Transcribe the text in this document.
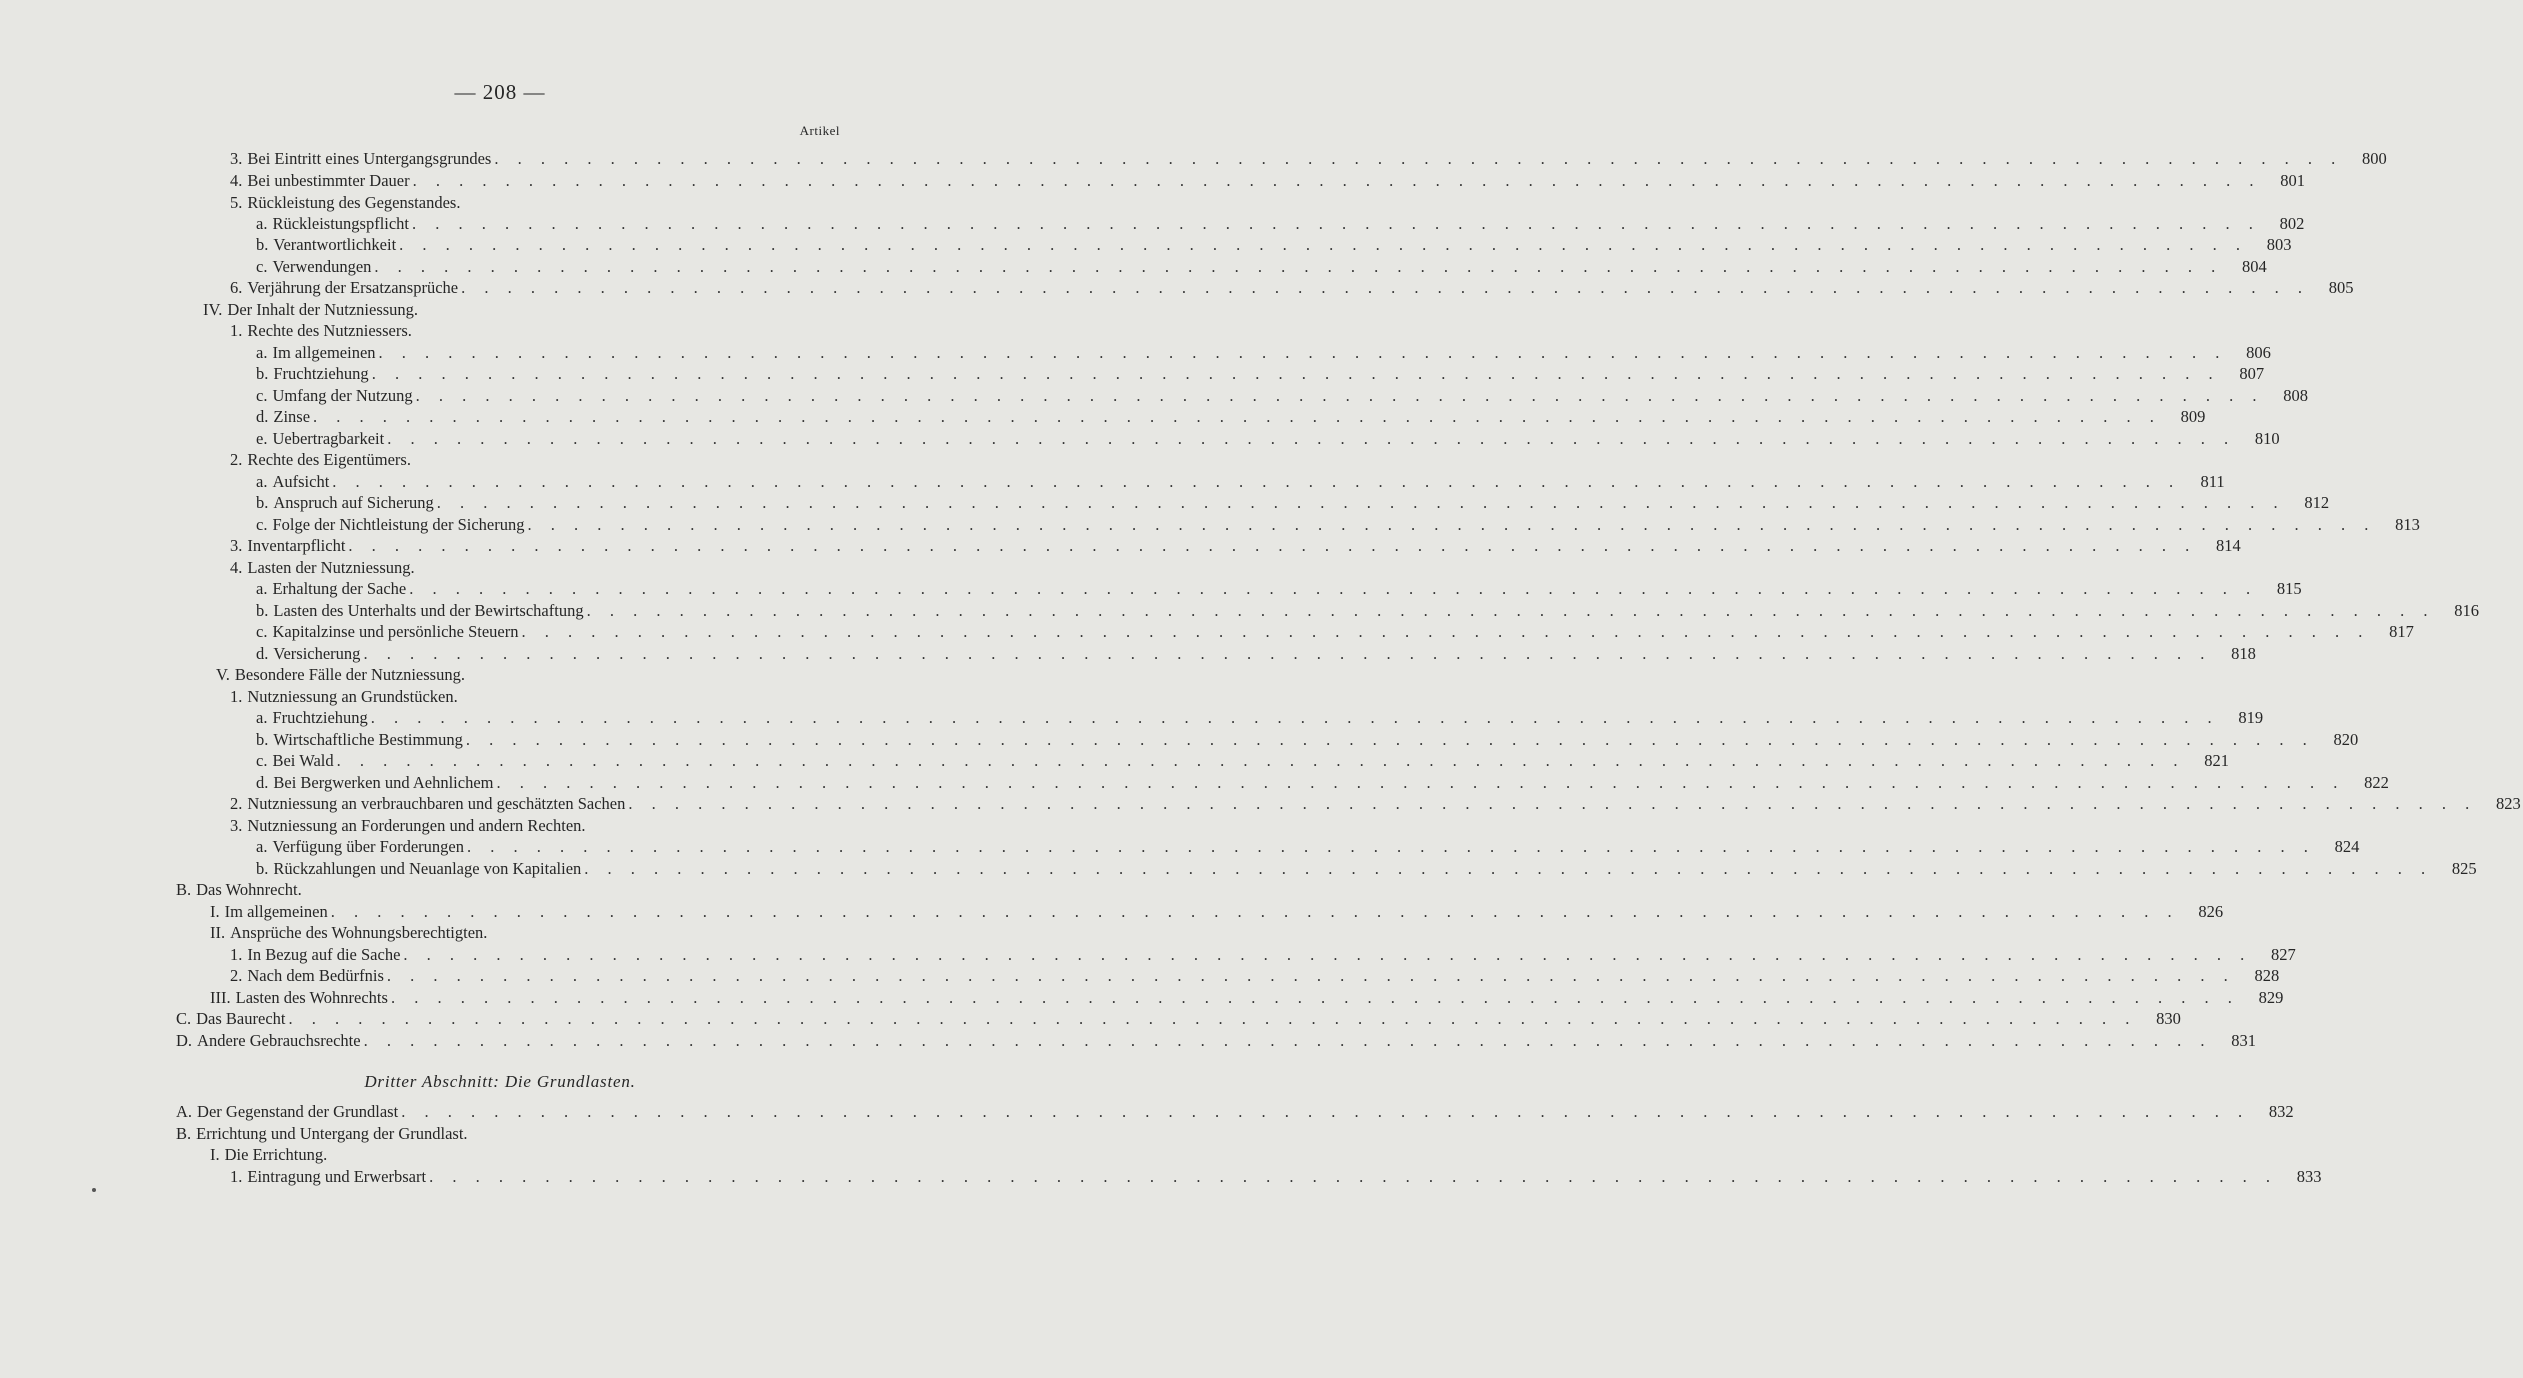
— 208 —
Artikel
3. Bei Eintritt eines Untergangsgrundes . . . . . . . . . . . . . . . . . . . . . . . . . . . . . . . . . . . . . . . . . . . . . . . . . . . . . . . . . . . . . . . . . . . . . . . . . . . . . . . .	800
4. Bei unbestimmter Dauer . . . . . . . . . . . . . . . . . . . . . . . . . . . . . . . . . . . . . . . . . . . . . . . . . . . . . . . . . . . . . . . . . . . . . . . . . . . . . . . .	801
5. Rückleistung des Gegenstandes.
a. Rückleistungspflicht . . . . . . . . . . . . . . . . . . . . . . . . . . . . . . . . . . . . . . . . . . . . . . . . . . . . . . . . . . . . . . . . . . . . . . . . . . . . . . . .	802
b. Verantwortlichkeit . . . . . . . . . . . . . . . . . . . . . . . . . . . . . . . . . . . . . . . . . . . . . . . . . . . . . . . . . . . . . . . . . . . . . . . . . . . . . . . .	803
c. Verwendungen . . . . . . . . . . . . . . . . . . . . . . . . . . . . . . . . . . . . . . . . . . . . . . . . . . . . . . . . . . . . . . . . . . . . . . . . . . . . . . . .	804
6. Verjährung der Ersatzansprüche . . . . . . . . . . . . . . . . . . . . . . . . . . . . . . . . . . . . . . . . . . . . . . . . . . . . . . . . . . . . . . . . . . . . . . . . . . . . . . . .	805
IV. Der Inhalt der Nutzniessung.
1. Rechte des Nutzniessers.
a. Im allgemeinen . . . . . . . . . . . . . . . . . . . . . . . . . . . . . . . . . . . . . . . . . . . . . . . . . . . . . . . . . . . . . . . . . . . . . . . . . . . . . . . .	806
b. Fruchtziehung . . . . . . . . . . . . . . . . . . . . . . . . . . . . . . . . . . . . . . . . . . . . . . . . . . . . . . . . . . . . . . . . . . . . . . . . . . . . . . . .	807
c. Umfang der Nutzung . . . . . . . . . . . . . . . . . . . . . . . . . . . . . . . . . . . . . . . . . . . . . . . . . . . . . . . . . . . . . . . . . . . . . . . . . . . . . . . .	808
d. Zinse . . . . . . . . . . . . . . . . . . . . . . . . . . . . . . . . . . . . . . . . . . . . . . . . . . . . . . . . . . . . . . . . . . . . . . . . . . . . . . . .	809
e. Uebertragbarkeit . . . . . . . . . . . . . . . . . . . . . . . . . . . . . . . . . . . . . . . . . . . . . . . . . . . . . . . . . . . . . . . . . . . . . . . . . . . . . . . .	810
2. Rechte des Eigentümers.
a. Aufsicht . . . . . . . . . . . . . . . . . . . . . . . . . . . . . . . . . . . . . . . . . . . . . . . . . . . . . . . . . . . . . . . . . . . . . . . . . . . . . . . .	811
b. Anspruch auf Sicherung . . . . . . . . . . . . . . . . . . . . . . . . . . . . . . . . . . . . . . . . . . . . . . . . . . . . . . . . . . . . . . . . . . . . . . . . . . . . . . . .	812
c. Folge der Nichtleistung der Sicherung . . . . . . . . . . . . . . . . . . . . . . . . . . . . . . . . . . . . . . . . . . . . . . . . . . . . . . . . . . . . . . . . . . . . . . . . . . . . . . . .	813
3. Inventarpflicht . . . . . . . . . . . . . . . . . . . . . . . . . . . . . . . . . . . . . . . . . . . . . . . . . . . . . . . . . . . . . . . . . . . . . . . . . . . . . . . .	814
4. Lasten der Nutzniessung.
a. Erhaltung der Sache . . . . . . . . . . . . . . . . . . . . . . . . . . . . . . . . . . . . . . . . . . . . . . . . . . . . . . . . . . . . . . . . . . . . . . . . . . . . . . . .	815
b. Lasten des Unterhalts und der Bewirtschaftung . . . . . . . . . . . . . . . . . . . . . . . . . . . . . . . . . . . . . . . . . . . . . . . . . . . . . . . . . . . . . . . . . . . . . . . . . . . . . . . .	816
c. Kapitalzinse und persönliche Steuern . . . . . . . . . . . . . . . . . . . . . . . . . . . . . . . . . . . . . . . . . . . . . . . . . . . . . . . . . . . . . . . . . . . . . . . . . . . . . . . .	817
d. Versicherung . . . . . . . . . . . . . . . . . . . . . . . . . . . . . . . . . . . . . . . . . . . . . . . . . . . . . . . . . . . . . . . . . . . . . . . . . . . . . . . .	818
V. Besondere Fälle der Nutzniessung.
1. Nutzniessung an Grundstücken.
a. Fruchtziehung . . . . . . . . . . . . . . . . . . . . . . . . . . . . . . . . . . . . . . . . . . . . . . . . . . . . . . . . . . . . . . . . . . . . . . . . . . . . . . . .	819
b. Wirtschaftliche Bestimmung . . . . . . . . . . . . . . . . . . . . . . . . . . . . . . . . . . . . . . . . . . . . . . . . . . . . . . . . . . . . . . . . . . . . . . . . . . . . . . . .	820
c. Bei Wald . . . . . . . . . . . . . . . . . . . . . . . . . . . . . . . . . . . . . . . . . . . . . . . . . . . . . . . . . . . . . . . . . . . . . . . . . . . . . . . .	821
d. Bei Bergwerken und Aehnlichem . . . . . . . . . . . . . . . . . . . . . . . . . . . . . . . . . . . . . . . . . . . . . . . . . . . . . . . . . . . . . . . . . . . . . . . . . . . . . . . .	822
2. Nutzniessung an verbrauchbaren und geschätzten Sachen . . . . . . . . . . . . . . . . . . . . . . . . . . . . . . . . . . . . . . . . . . . . . . . . . . . . . . . . . . . . . . . . . . . . . . . . . . . . . . . .	823
3. Nutzniessung an Forderungen und andern Rechten.
a. Verfügung über Forderungen . . . . . . . . . . . . . . . . . . . . . . . . . . . . . . . . . . . . . . . . . . . . . . . . . . . . . . . . . . . . . . . . . . . . . . . . . . . . . . . .	824
b. Rückzahlungen und Neuanlage von Kapitalien . . . . . . . . . . . . . . . . . . . . . . . . . . . . . . . . . . . . . . . . . . . . . . . . . . . . . . . . . . . . . . . . . . . . . . . . . . . . . . . .	825
B. Das Wohnrecht.
I. Im allgemeinen . . . . . . . . . . . . . . . . . . . . . . . . . . . . . . . . . . . . . . . . . . . . . . . . . . . . . . . . . . . . . . . . . . . . . . . . . . . . . . . .	826
II. Ansprüche des Wohnungsberechtigten.
1. In Bezug auf die Sache . . . . . . . . . . . . . . . . . . . . . . . . . . . . . . . . . . . . . . . . . . . . . . . . . . . . . . . . . . . . . . . . . . . . . . . . . . . . . . . .	827
2. Nach dem Bedürfnis . . . . . . . . . . . . . . . . . . . . . . . . . . . . . . . . . . . . . . . . . . . . . . . . . . . . . . . . . . . . . . . . . . . . . . . . . . . . . . . .	828
III. Lasten des Wohnrechts . . . . . . . . . . . . . . . . . . . . . . . . . . . . . . . . . . . . . . . . . . . . . . . . . . . . . . . . . . . . . . . . . . . . . . . . . . . . . . . .	829
C. Das Baurecht . . . . . . . . . . . . . . . . . . . . . . . . . . . . . . . . . . . . . . . . . . . . . . . . . . . . . . . . . . . . . . . . . . . . . . . . . . . . . . . .	830
D. Andere Gebrauchsrechte . . . . . . . . . . . . . . . . . . . . . . . . . . . . . . . . . . . . . . . . . . . . . . . . . . . . . . . . . . . . . . . . . . . . . . . . . . . . . . . .	831
Dritter Abschnitt: Die Grundlasten.
A. Der Gegenstand der Grundlast . . . . . . . . . . . . . . . . . . . . . . . . . . . . . . . . . . . . . . . . . . . . . . . . . . . . . . . . . . . . . . . . . . . . . . . . . . . . . . . .	832
B. Errichtung und Untergang der Grundlast.
I. Die Errichtung.
1. Eintragung und Erwerbsart . . . . . . . . . . . . . . . . . . . . . . . . . . . . . . . . . . . . . . . . . . . . . . . . . . . . . . . . . . . . . . . . . . . . . . . . . . . . . . . .	833
